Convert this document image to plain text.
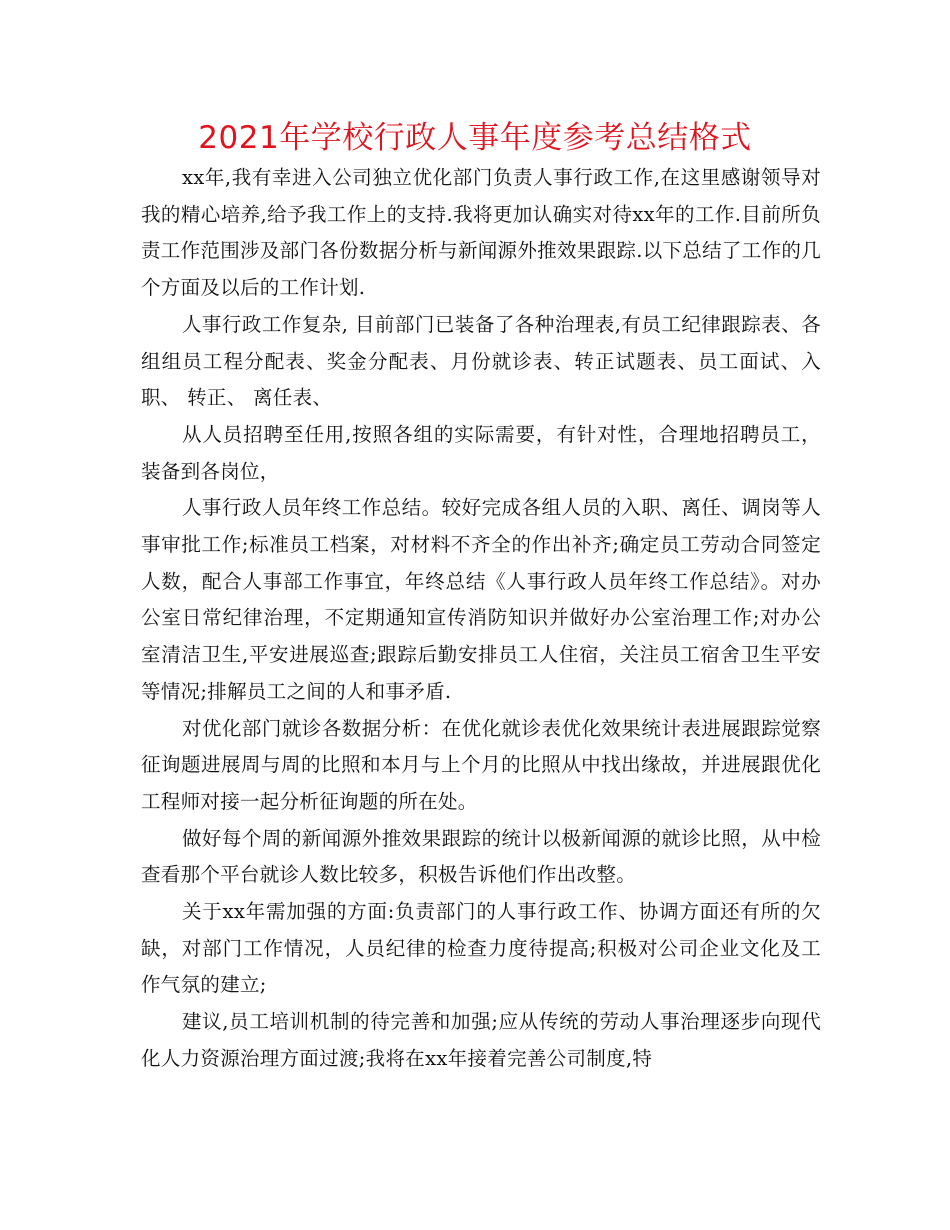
2021年学校行政人事年度参考总结格式

xx年,我有幸进入公司独立优化部门负责人事行政工作,在这里感谢领导对我的精心培养,给予我工作上的支持.我将更加认确实对待xx年的工作.目前所负责工作范围涉及部门各份数据分析与新闻源外推效果跟踪.以下总结了工作的几个方面及以后的工作计划.

人事行政工作复杂, 目前部门已装备了各种治理表,有员工纪律跟踪表、各组组员工程分配表、奖金分配表、月份就诊表、转正试题表、员工面试、入职、 转正、 离任表、

从人员招聘至任用,按照各组的实际需要，有针对性，合理地招聘员工，装备到各岗位，

人事行政人员年终工作总结。较好完成各组人员的入职、离任、调岗等人事审批工作;标准员工档案，对材料不齐全的作出补齐;确定员工劳动合同签定人数，配合人事部工作事宜，年终总结《人事行政人员年终工作总结》。对办公室日常纪律治理，不定期通知宣传消防知识并做好办公室治理工作;对办公室清洁卫生,平安进展巡查;跟踪后勤安排员工人住宿，关注员工宿舍卫生平安等情况;排解员工之间的人和事矛盾.

对优化部门就诊各数据分析：在优化就诊表优化效果统计表进展跟踪觉察征询题进展周与周的比照和本月与上个月的比照从中找出缘故，并进展跟优化工程师对接一起分析征询题的所在处。

做好每个周的新闻源外推效果跟踪的统计以极新闻源的就诊比照，从中检查看那个平台就诊人数比较多，积极告诉他们作出改整。

关于xx年需加强的方面:负责部门的人事行政工作、协调方面还有所的欠缺，对部门工作情况，人员纪律的检查力度待提高;积极对公司企业文化及工作气氛的建立;

建议,员工培训机制的待完善和加强;应从传统的劳动人事治理逐步向现代化人力资源治理方面过渡;我将在xx年接着完善公司制度,特
